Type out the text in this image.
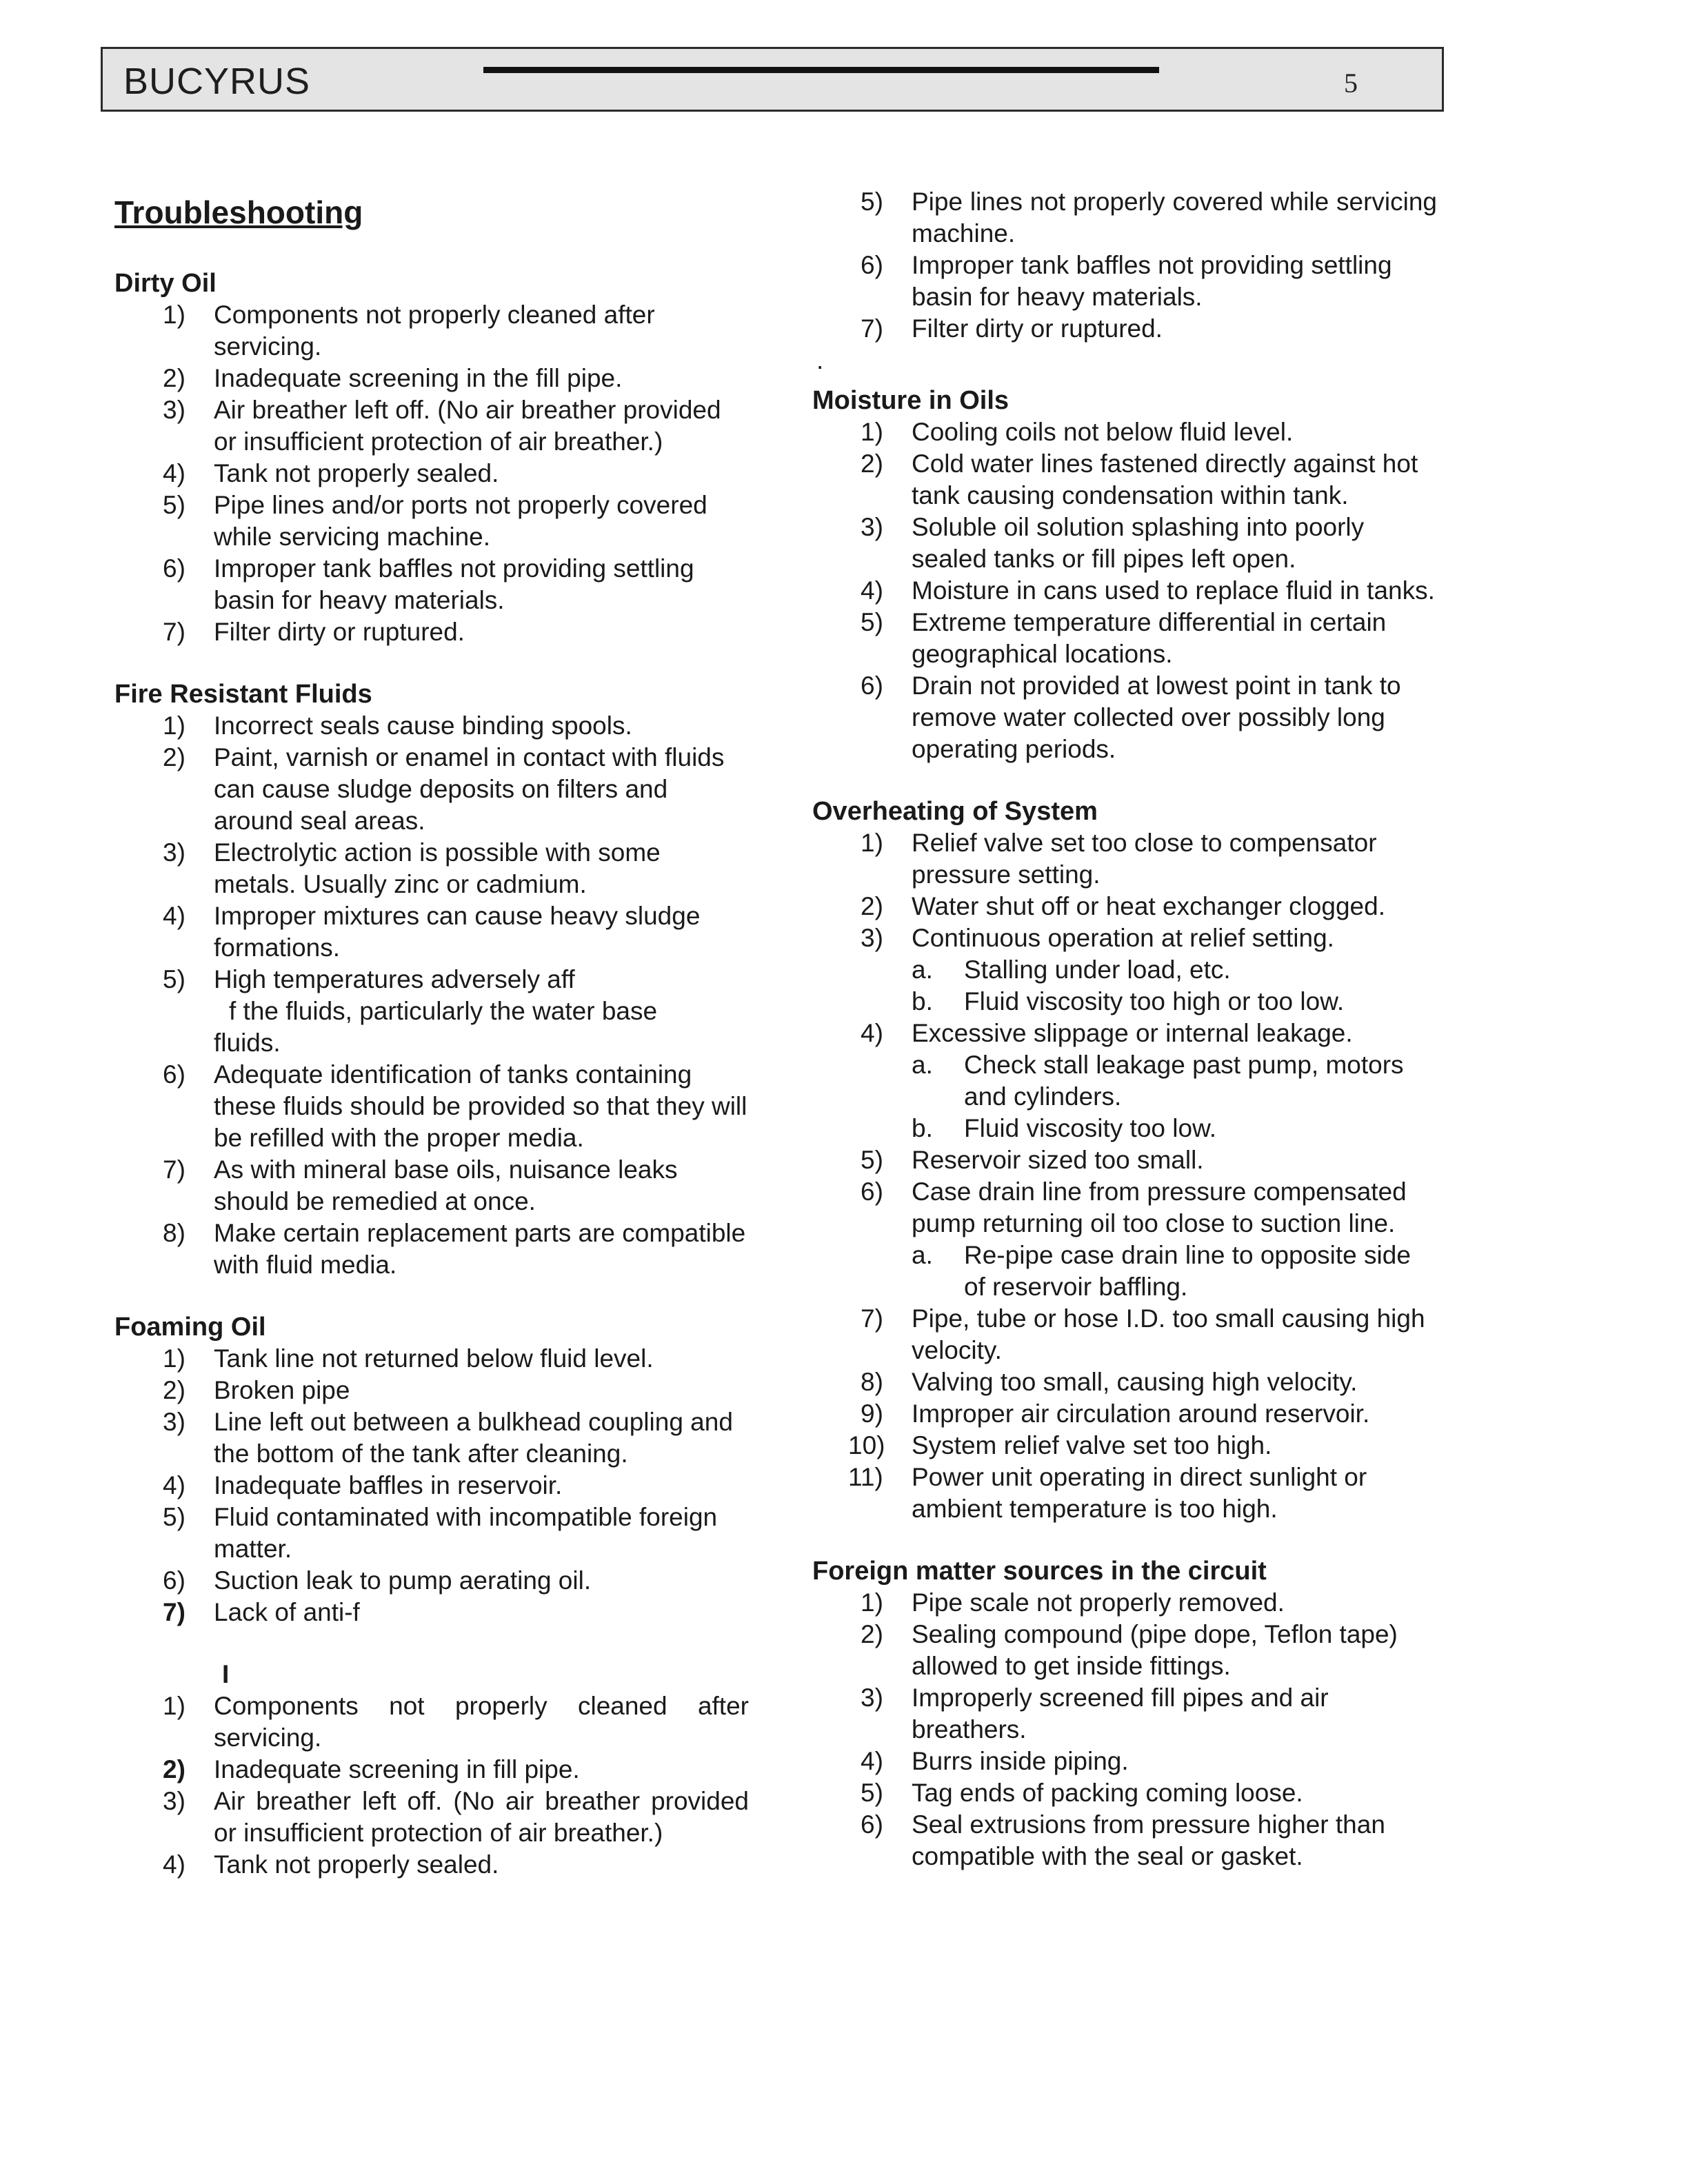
BUCYRUS	5
Troubleshooting
Dirty Oil
1) Components not properly cleaned after servicing.
2) Inadequate screening in the fill pipe.
3) Air breather left off. (No air breather provided or insufficient protection of air breather.)
4) Tank not properly sealed.
5) Pipe lines and/or ports not properly covered while servicing machine.
6) Improper tank baffles not providing settling basin for heavy materials.
7) Filter dirty or ruptured.
Fire Resistant Fluids
1) Incorrect seals cause binding spools.
2) Paint, varnish or enamel in contact with fluids can cause sludge deposits on filters and around seal areas.
3) Electrolytic action is possible with some metals. Usually zinc or cadmium.
4) Improper mixtures can cause heavy sludge formations.
5) High temperatures adversely aff
f the fluids, particularly the water base
fluids.
6) Adequate identification of tanks containing these fluids should be provided so that they will be refilled with the proper media.
7) As with mineral base oils, nuisance leaks should be remedied at once.
8) Make certain replacement parts are compatible with fluid media.
Foaming Oil
1) Tank line not returned below fluid level.
2) Broken pipe
3) Line left out between a bulkhead coupling and the bottom of the tank after cleaning.
4) Inadequate baffles in reservoir.
5) Fluid contaminated with incompatible foreign matter.
6) Suction leak to pump aerating oil.
7) Lack of anti-f
I
1) Components not properly cleaned after servicing.
2) Inadequate screening in fill pipe.
3) Air breather left off. (No air breather provided or insufficient protection of air breather.)
4) Tank not properly sealed.
5) Pipe lines not properly covered while servicing machine.
6) Improper tank baffles not providing settling basin for heavy materials.
7) Filter dirty or ruptured.
.
Moisture in Oils
1) Cooling coils not below fluid level.
2) Cold water lines fastened directly against hot tank causing condensation within tank.
3) Soluble oil solution splashing into poorly sealed tanks or fill pipes left open.
4) Moisture in cans used to replace fluid in tanks.
5) Extreme temperature differential in certain geographical locations.
6) Drain not provided at lowest point in tank to remove water collected over possibly long operating periods.
Overheating of System
1) Relief valve set too close to compensator pressure setting.
2) Water shut off or heat exchanger clogged.
3) Continuous operation at relief setting.
a. Stalling under load, etc.
b. Fluid viscosity too high or too low.
4) Excessive slippage or internal leakage.
a. Check stall leakage past pump, motors and cylinders.
b. Fluid viscosity too low.
5) Reservoir sized too small.
6) Case drain line from pressure compensated pump returning oil too close to suction line.
a. Re-pipe case drain line to opposite side of reservoir baffling.
7) Pipe, tube or hose I.D. too small causing high velocity.
8) Valving too small, causing high velocity.
9) Improper air circulation around reservoir.
10) System relief valve set too high.
11) Power unit operating in direct sunlight or ambient temperature is too high.
Foreign matter sources in the circuit
1) Pipe scale not properly removed.
2) Sealing compound (pipe dope, Teflon tape) allowed to get inside fittings.
3) Improperly screened fill pipes and air breathers.
4) Burrs inside piping.
5) Tag ends of packing coming loose.
6) Seal extrusions from pressure higher than compatible with the seal or gasket.
